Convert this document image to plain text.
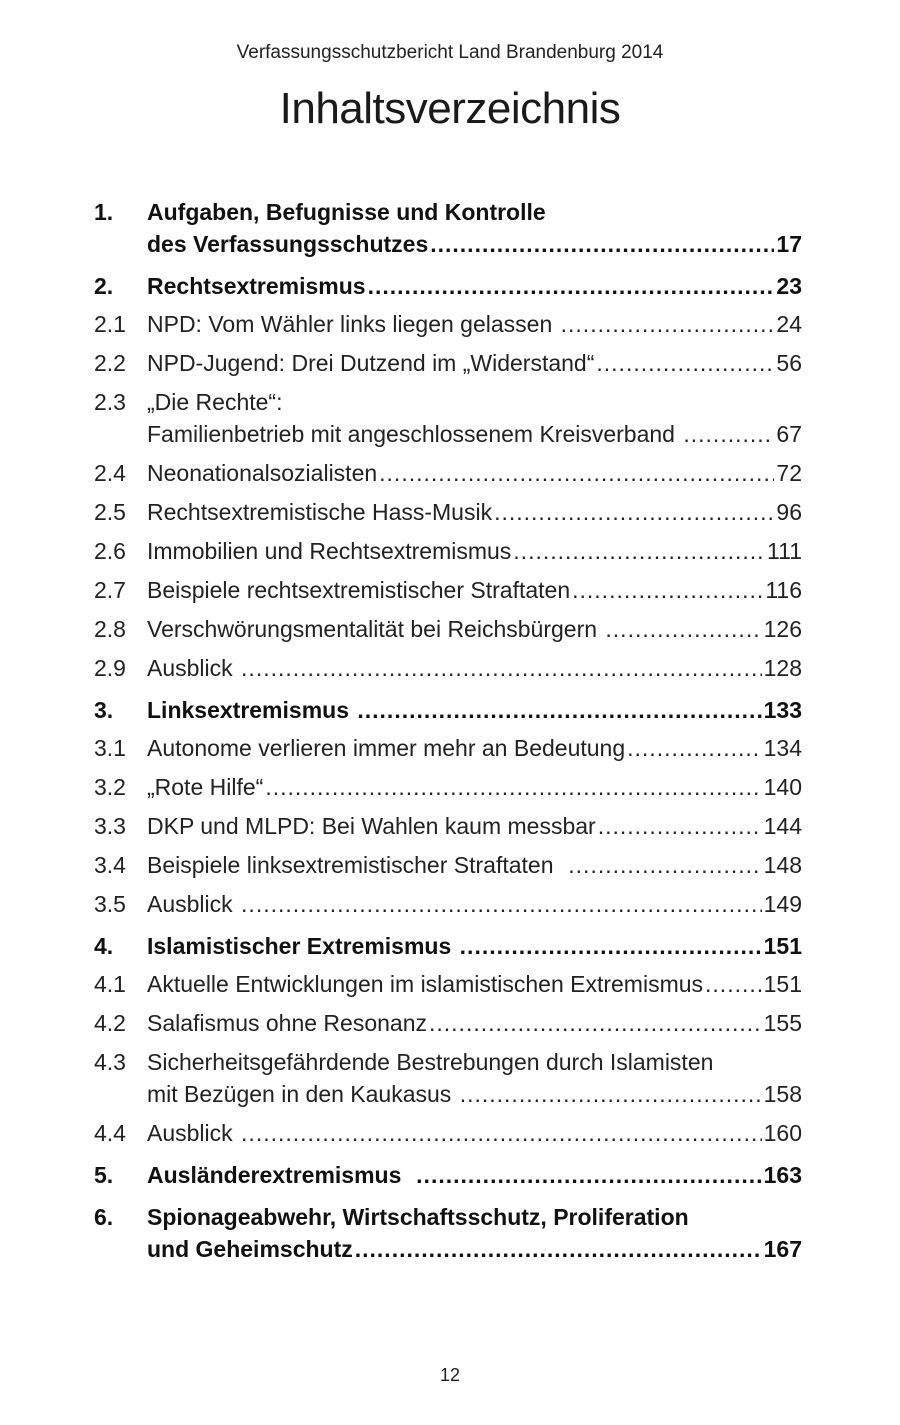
Verfassungsschutzbericht Land Brandenburg 2014
Inhaltsverzeichnis
1.	Aufgaben, Befugnisse und Kontrolle
des Verfassungsschutzes .....	17
2.	Rechtsextremismus .....	23
2.1 NPD: Vom Wähler links liegen gelassen .....	24
2.2 NPD-Jugend: Drei Dutzend im „Widerstand“ .....	56
2.3 „Die Rechte“:
Familienbetrieb mit angeschlossenem Kreisverband .....	67
2.4 Neonationalsozialisten .....	72
2.5 Rechtsextremistische Hass-Musik .....	96
2.6 Immobilien und Rechtsextremismus .....	111
2.7 Beispiele rechtsextremistischer Straftaten .....	116
2.8 Verschwörungsmentalität bei Reichsbürgern .....	126
2.9 Ausblick .....	128
3.	Linksextremismus .....	133
3.1 Autonome verlieren immer mehr an Bedeutung .....	134
3.2 „Rote Hilfe“ .....	140
3.3 DKP und MLPD: Bei Wahlen kaum messbar .....	144
3.4 Beispiele linksextremistischer Straftaten .....	148
3.5 Ausblick .....	149
4.	Islamistischer Extremismus .....	151
4.1 Aktuelle Entwicklungen im islamistischen Extremismus .....	151
4.2 Salafismus ohne Resonanz .....	155
4.3 Sicherheitsgefährdende Bestrebungen durch Islamisten
mit Bezügen in den Kaukasus .....	158
4.4 Ausblick .....	160
5.	Ausländerextremismus .....	163
6.	Spionageabwehr, Wirtschaftsschutz, Proliferation
und Geheimschutz .....	167
12
